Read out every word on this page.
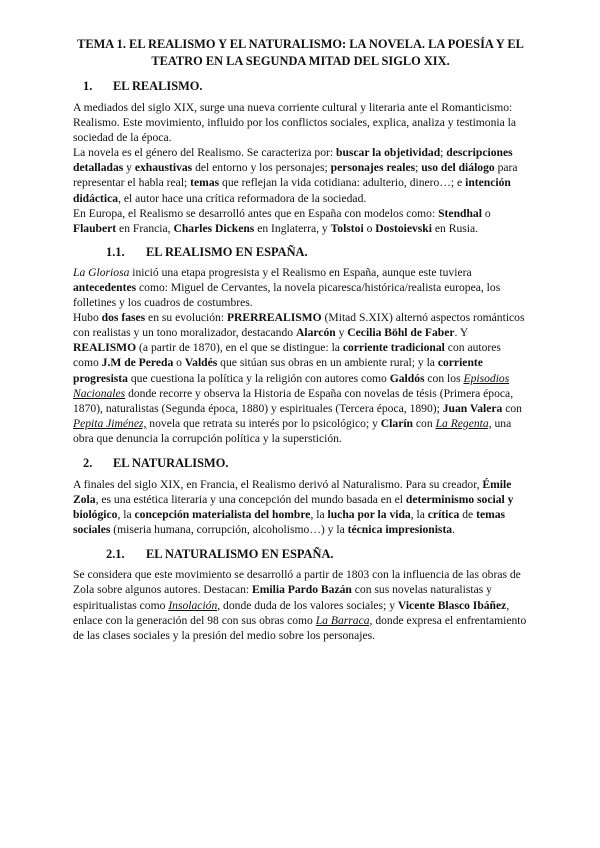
TEMA 1. EL REALISMO Y EL NATURALISMO: LA NOVELA. LA POESÍA Y EL TEATRO EN LA SEGUNDA MITAD DEL SIGLO XIX.
1. EL REALISMO.

A mediados del siglo XIX, surge una nueva corriente cultural y literaria ante el Romanticismo: Realismo. Este movimiento, influido por los conflictos sociales, explica, analiza y testimonia la sociedad de la época.

La novela es el género del Realismo. Se caracteriza por: buscar la objetividad; descripciones detalladas y exhaustivas del entorno y los personajes; personajes reales; uso del diálogo para representar el habla real; temas que reflejan la vida cotidiana: adulterio, dinero…; e intención didáctica, el autor hace una crítica reformadora de la sociedad.

En Europa, el Realismo se desarrolló antes que en España con modelos como: Stendhal o Flaubert en Francia, Charles Dickens en Inglaterra, y Tolstoi o Dostoievski en Rusia.

1.1. EL REALISMO EN ESPAÑA.

La Gloriosa inició una etapa progresista y el Realismo en España, aunque este tuviera antecedentes como: Miguel de Cervantes, la novela picaresca/histórica/realista europea, los folletines y los cuadros de costumbres.

Hubo dos fases en su evolución: PRERREALISMO (Mitad S.XIX) alternó aspectos románticos con realistas y un tono moralizador, destacando Alarcón y Cecilia Böhl de Faber. Y REALISMO (a partir de 1870), en el que se distingue: la corriente tradicional con autores como J.M de Pereda o Valdés que sitúan sus obras en un ambiente rural; y la corriente progresista que cuestiona la política y la religión con autores como Galdós con los Episodios Nacionales donde recorre y observa la Historia de España con novelas de tésis (Primera época, 1870), naturalistas (Segunda época, 1880) y espirituales (Tercera época, 1890); Juan Valera con Pepita Jiménez, novela que retrata su interés por lo psicológico; y Clarín con La Regenta, una obra que denuncia la corrupción política y la superstición.

2. EL NATURALISMO.

A finales del siglo XIX, en Francia, el Realismo derivó al Naturalismo. Para su creador, Émile Zola, es una estética literaria y una concepción del mundo basada en el determinismo social y biológico, la concepción materialista del hombre, la lucha por la vida, la crítica de temas sociales (miseria humana, corrupción, alcoholismo…) y la técnica impresionista.

2.1. EL NATURALISMO EN ESPAÑA.

Se considera que este movimiento se desarrolló a partir de 1803 con la influencia de las obras de Zola sobre algunos autores. Destacan: Emilia Pardo Bazán con sus novelas naturalistas y espiritualistas como Insolación, donde duda de los valores sociales; y Vicente Blasco Ibáñez, enlace con la generación del 98 con sus obras como La Barraca, donde expresa el enfrentamiento de las clases sociales y la presión del medio sobre los personajes.
